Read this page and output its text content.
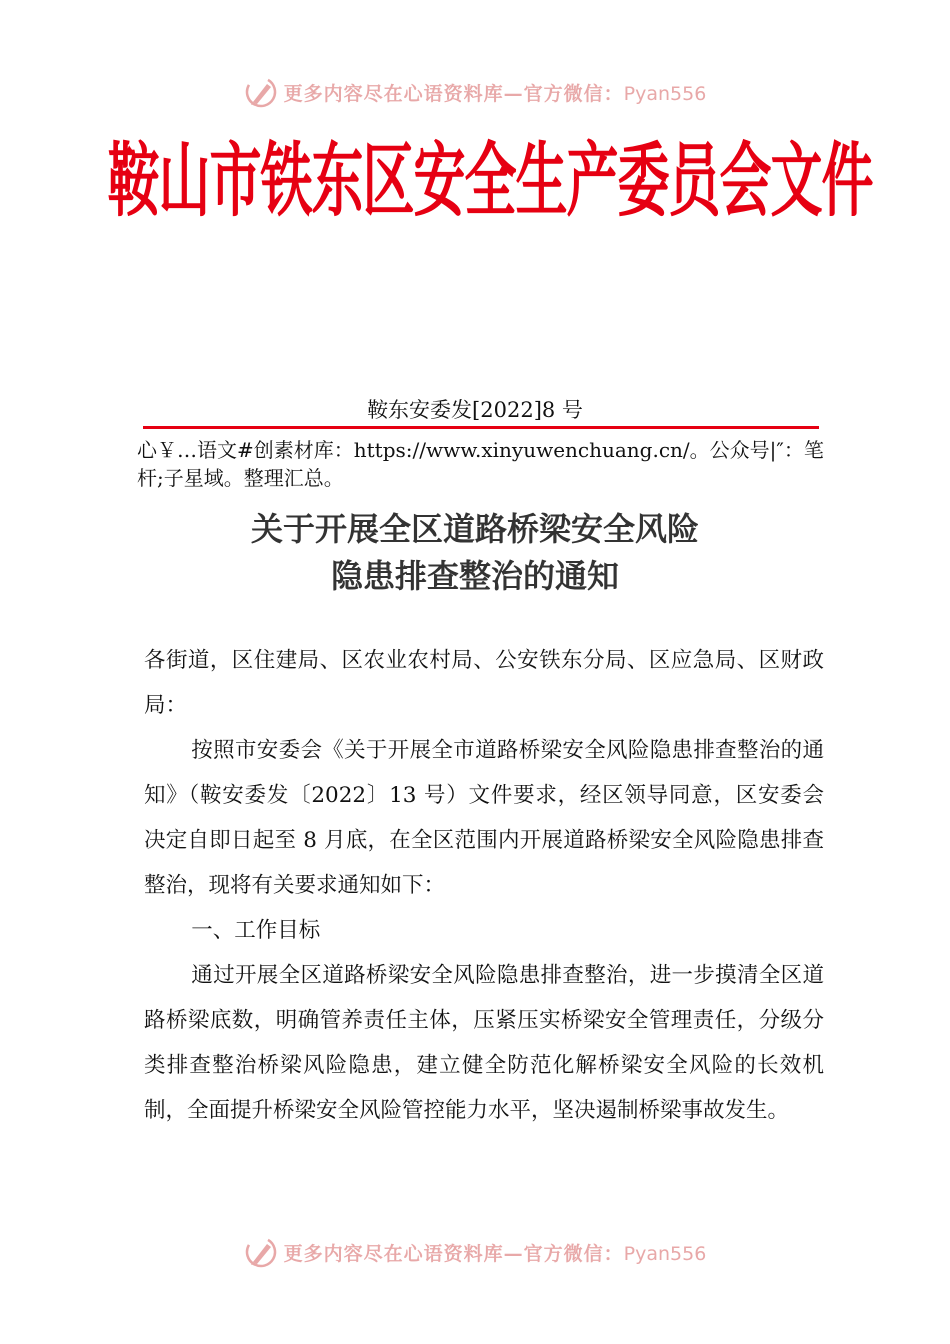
更多内容尽在心语资料库—官方微信：Pyan556
鞍山市铁东区安全生产委员会文件

鞍东安委发[2022]8 号

心￥…语文#创素材库：https://www.xinyuwenchuang.cn/。公众号|″：笔杆;子星域。整理汇总。

关于开展全区道路桥梁安全风险
隐患排查整治的通知

各街道，区住建局、区农业农村局、公安铁东分局、区应急局、区财政局：

按照市安委会《关于开展全市道路桥梁安全风险隐患排查整治的通知》（鞍安委发〔2022〕13 号）文件要求，经区领导同意，区安委会决定自即日起至 8 月底，在全区范围内开展道路桥梁安全风险隐患排查整治，现将有关要求通知如下：

一、工作目标

通过开展全区道路桥梁安全风险隐患排查整治，进一步摸清全区道路桥梁底数，明确管养责任主体，压紧压实桥梁安全管理责任，分级分类排查整治桥梁风险隐患，建立健全防范化解桥梁安全风险的长效机制，全面提升桥梁安全风险管控能力水平，坚决遏制桥梁事故发生。

更多内容尽在心语资料库—官方微信：Pyan556
